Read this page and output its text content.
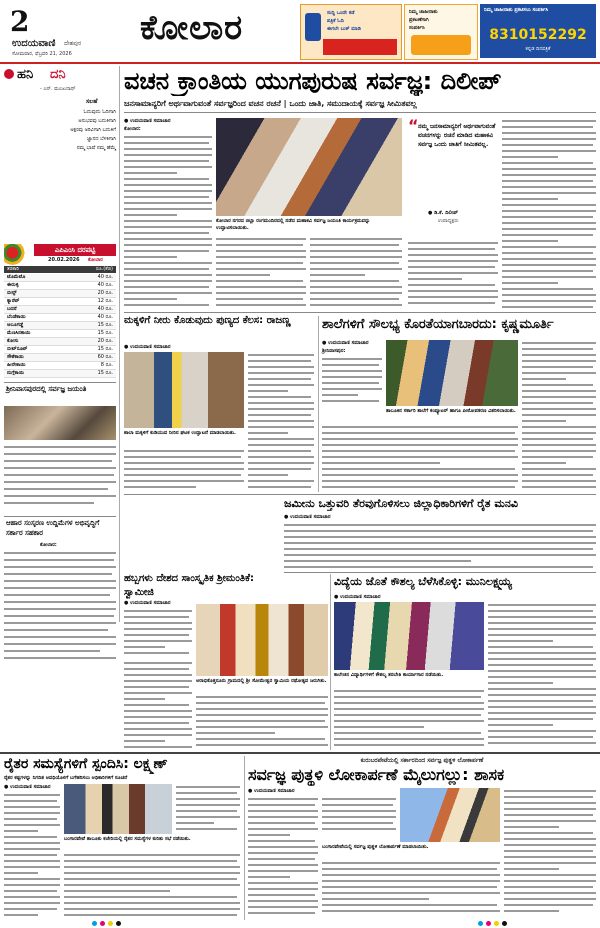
2
ಉದಯವಾಣಿ ದೇಶಪುರ
ಸೋಮವಾರ, ಫೆಬ್ರವರಿ 21, 2026
ಕೋಲಾರ	ಸುದ್ದಿ ಒಂದೇ ಕಡೆ
ಪತ್ರಿಕೆ ಓದಿ
ಈಗಲೇ ಬುಕ್ ಮಾಡಿ
ನಿಮ್ಮ ಜಾಹೀರಾತು
ಪ್ರಕಟಣೆಗಾಗಿ
ಸಂಪರ್ಕಿಸಿ
ನಿಮ್ಮ ಜಾಹೀರಾತು ಪ್ರಕಟಿಸಲು ಸಂಪರ್ಕಿಸಿ
8310152292
ಕನ್ನಡ ದಿನಪತ್ರಿಕೆ
ಹನಿ ದನಿ
- ಎನ್. ಮಂಜುನಾಥ್
ಸಲಹೆ
ಓದುವುದು ಓದಿಗಾಗಿ
ಅನುಭವವು ಬದುಕಿಗಾಗಿ
ಅಕ್ಷರವು ಅರಿವಿಗಾಗಿ ಬದುಕಿಗೆ
ಜ್ಞಾನದ ಬೆಳಕಿಗಾಗಿ
ನಮ್ಮ ಭಾಷೆ ನಮ್ಮ ಹೆಮ್ಮೆ
ಎಪಿಎಂಸಿ ದರಪಟ್ಟಿ
20.02.2026 ಕೋಲಾರ
ತರಕಾರಿ	ರೂ.(ಕೆಜಿ)
ಟೊಮೆಟೊ	40 ರೂ.
ಈರುಳ್ಳಿ	40 ರೂ.
ಬೀನ್ಸ್	20 ರೂ.
ಕ್ಯಾರೆಟ್	12 ರೂ.
ಬದನೆ	40 ರೂ.
ಬೆಂಡೆಕಾಯಿ	40 ರೂ.
ಆಲೂಗಡ್ಡೆ	15 ರೂ.
ಮೆಣಸಿನಕಾಯಿ	15 ರೂ.
ಕೋಸು	20 ರೂ.
ಬೀಟ್‌ರೂಟ್	15 ರೂ.
ಸೌತೆಕಾಯಿ	60 ರೂ.
ಹೀರೇಕಾಯಿ	8 ರೂ.
ನುಗ್ಗೆಕಾಯಿ	15 ರೂ.
ಶ್ರೀನಿವಾಸಪುರದಲ್ಲಿ ಸರ್ವಜ್ಞ ಜಯಂತಿ
ಆಹಾರ ಸಂಸ್ಕರಣ ಉದ್ದಿಮೆಗಳ ಅಭಿವೃದ್ಧಿಗೆ ಸರ್ಕಾರ ಸಹಕಾರ
ಕೋಲಾರ:
ವಚನ ಕ್ರಾಂತಿಯ ಯುಗಪುರುಷ ಸರ್ವಜ್ಞ: ದಿಲೀಪ್
ಜನಸಾಮಾನ್ಯರಿಗೆ ಅರ್ಥವಾಗುವಂತೆ ಸರ್ವಜ್ಞರಿಂದ ವಚನ ರಚನೆ | ಒಂದು ಜಾತಿ, ಸಮುದಾಯಕ್ಕೆ ಸರ್ವಜ್ಞ ಸೀಮಿತವಲ್ಲ
● ಉದಯವಾಣಿ ಸಮಾಚಾರ
ಕೋಲಾರ:
ಕೋಲಾರ ನಗರದ ಜಿಲ್ಲಾ ರಂಗಮಂದಿರದಲ್ಲಿ ನಡೆದ ಮಹಾಕವಿ ಸರ್ವಜ್ಞ ಜಯಂತಿ ಕಾರ್ಯಕ್ರಮವನ್ನು ಉದ್ಘಾಟಿಸಲಾಯಿತು.
“ ನಮ್ಮ ಜನಸಾಮಾನ್ಯರಿಗೆ ಅರ್ಥವಾಗುವಂತೆ ವಚನಗಳನ್ನು ರಚನೆ ಮಾಡಿದ ಮಹಾಕವಿ ಸರ್ವಜ್ಞ ಒಂದು ಜಾತಿಗೆ ಸೀಮಿತವಲ್ಲ.
● ಡಿ.ಕೆ. ದಿಲೀಪ್
ಉಪಾಧ್ಯಕ್ಷರು
ಮಕ್ಕಳಿಗೆ ನೀರು ಕೊಡುವುದು ಪುಣ್ಯದ ಕೆಲಸ: ರಾಜಣ್ಣ
● ಉದಯವಾಣಿ ಸಮಾಚಾರ
ಶಾಲಾ ಮಕ್ಕಳಿಗೆ ಕುಡಿಯುವ ನೀರಿನ ಘಟಕ ಉದ್ಘಾಟನೆ ಮಾಡಲಾಯಿತು.
ಶಾಲೆಗಳಿಗೆ ಸೌಲಭ್ಯ ಕೊರತೆಯಾಗಬಾರದು: ಕೃಷ್ಣಮೂರ್ತಿ
● ಉದಯವಾಣಿ ಸಮಾಚಾರ
ಶ್ರೀನಿವಾಸಪುರ:
ತಾಲೂಕಿನ ಸರ್ಕಾರಿ ಶಾಲೆಗೆ ಕಂಪ್ಯೂಟರ್ ಹಾಗೂ ಪೀಠೋಪಕರಣ ವಿತರಿಸಲಾಯಿತು.
ಜಮೀನು ಒತ್ತುವರಿ ತೆರವುಗೊಳಿಸಲು ಜಿಲ್ಲಾಧಿಕಾರಿಗಳಿಗೆ ರೈತ ಮನವಿ
● ಉದಯವಾಣಿ ಸಮಾಚಾರ
ಹಬ್ಬಗಳು ದೇಶದ ಸಾಂಸ್ಕೃತಿಕ ಶ್ರೀಮಂತಿಕೆ: ಸ್ವಾಮೀಜಿ
● ಉದಯವಾಣಿ ಸಮಾಚಾರ
ಅರಾಭಿಕೊತ್ತನೂರು ಗ್ರಾಮದಲ್ಲಿ ಶ್ರೀ ಸೋಮೇಶ್ವರ ಸ್ವಾಮಿಯ ರಥೋತ್ಸವ ಜರುಗಿತು.
ವಿದ್ಯೆಯ ಜೊತೆ ಕೌಶಲ್ಯ ಬೆಳೆಸಿಕೊಳ್ಳಿ: ಮುನಿಲಕ್ಷ್ಮಯ್ಯ
● ಉದಯವಾಣಿ ಸಮಾಚಾರ
ಕಾಲೇಜಿನ ವಿದ್ಯಾರ್ಥಿಗಳಿಗೆ ಕೌಶಲ್ಯ ತರಬೇತಿ ಕಾರ್ಯಾಗಾರ ನಡೆಯಿತು.
ರೈತರ ಸಮಸ್ಯೆಗಳಿಗೆ ಸ್ಪಂದಿಸಿ: ಲಕ್ಷ್ಮಣ್
ರೈತರ ಕಷ್ಟಗಳನ್ನು ನಿಗದಿತ ಅವಧಿಯೊಳಗೆ ಬಗೆಹರಿಸಲು ಅಧಿಕಾರಿಗಳಿಗೆ ಸೂಚನೆ
● ಉದಯವಾಣಿ ಸಮಾಚಾರ
ಬಂಗಾರಪೇಟೆ ತಾಲೂಕು ಕಚೇರಿಯಲ್ಲಿ ರೈತರ ಸಮಸ್ಯೆಗಳ ಕುರಿತು ಸಭೆ ನಡೆಯಿತು.
ಕುರುಬರಪೇಟೆಯಲ್ಲಿ ಸರ್ಕಾರದಿಂದ ಸರ್ವಜ್ಞ ಪುತ್ಥಳಿ ಲೋಕಾರ್ಪಣೆ
ಸರ್ವಜ್ಞ ಪುತ್ಥಳಿ ಲೋಕಾರ್ಪಣೆ ಮೈಲುಗಲ್ಲು: ಶಾಸಕ
● ಉದಯವಾಣಿ ಸಮಾಚಾರ
ಬಂಗಾರಪೇಟೆಯಲ್ಲಿ ಸರ್ವಜ್ಞ ಪುತ್ಥಳಿ ಲೋಕಾರ್ಪಣೆ ಮಾಡಲಾಯಿತು.
